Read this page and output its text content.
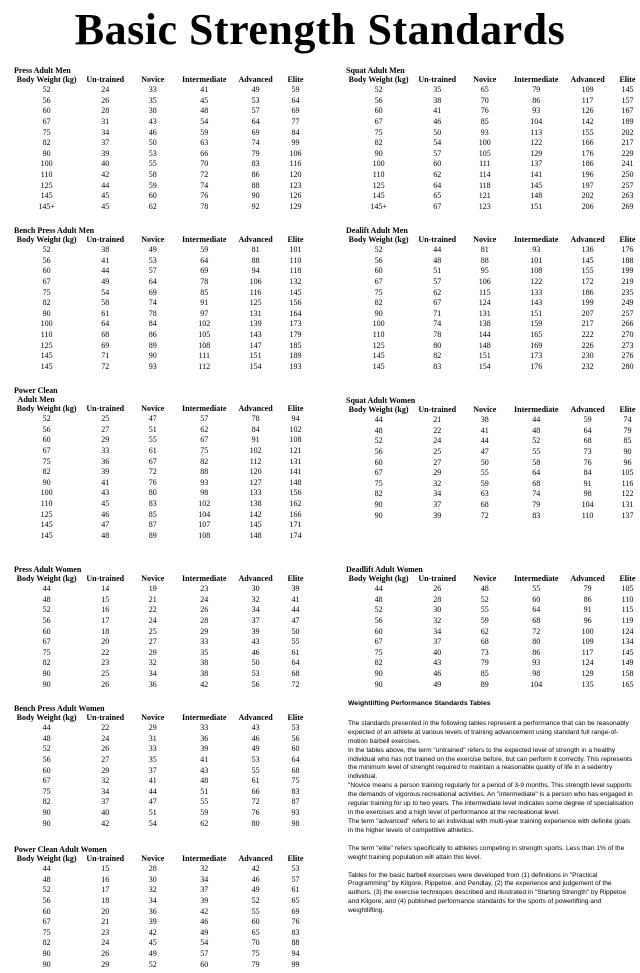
Basic Strength Standards
Press Adult Men
Body Weight (kg)	Un-trained	Novice	Intermediate	Advanced	Elite
52	24	33	41	49	59
56	26	35	45	53	64
60	28	38	48	57	69
67	31	43	54	64	77
75	34	46	59	69	84
82	37	50	63	74	99
90	39	53	66	79	106
100	40	55	70	83	116
110	42	58	72	86	120
125	44	59	74	88	123
145	45	60	76	90	126
145+	45	62	78	92	129
Squat Adult Men
Body Weight (kg)	Un-trained	Novice	Intermediate	Advanced	Elite
52	35	65	79	109	145
56	38	70	86	117	157
60	41	76	93	126	167
67	46	85	104	142	189
75	50	93	113	155	202
82	54	100	122	166	217
90	57	105	129	176	229
100	60	111	137	186	241
110	62	114	141	196	250
125	64	118	145	197	257
145	65	121	148	202	263
145+	67	123	151	206	269
Bench Press Adult Men
Body Weight (kg)	Un-trained	Novice	Intermediate	Advanced	Elite
52	38	49	59	81	101
56	41	53	64	88	110
60	44	57	69	94	118
67	49	64	78	106	132
75	54	69	85	116	145
82	58	74	91	125	156
90	61	78	97	131	164
100	64	84	102	139	173
110	68	86	105	143	179
125	69	89	108	147	185
145	71	90	111	151	189
145	72	93	112	154	193
Dealift Adult Men
Body Weight (kg)	Un-trained	Novice	Intermediate	Advanced	Elite
52	44	81	93	136	176
56	48	88	101	145	188
60	51	95	108	155	199
67	57	106	122	172	219
75	62	115	133	186	235
82	67	124	143	199	249
90	71	131	151	207	257
100	74	138	159	217	266
110	78	144	165	222	270
125	80	148	169	226	273
145	82	151	173	230	276
145	83	154	176	232	280
Power Clean
Adult Men
Body Weight (kg)	Un-trained	Novice	Intermediate	Advanced	Elite
52	25	47	57	78	94
56	27	51	62	84	102
60	29	55	67	91	108
67	33	61	75	102	121
75	36	67	82	112	131
82	39	72	88	120	141
90	41	76	93	127	148
100	43	80	98	133	156
110	45	83	102	138	162
125	46	85	104	142	166
145	47	87	107	145	171
145	48	89	108	148	174
Squat Adult Women
Body Weight (kg)	Un-trained	Novice	Intermediate	Advanced	Elite
44	21	38	44	59	74
48	22	41	48	64	79
52	24	44	52	68	85
56	25	47	55	73	90
60	27	50	58	76	96
67	29	55	64	84	105
75	32	59	68	91	116
82	34	63	74	98	122
90	37	68	79	104	131
90	39	72	83	110	137
Press Adult Women
Body Weight (kg)	Un-trained	Novice	Intermediate	Advanced	Elite
44	14	19	23	30	39
48	15	21	24	32	41
52	16	22	26	34	44
56	17	24	28	37	47
60	18	25	29	39	50
67	20	27	33	43	55
75	22	29	35	46	61
82	23	32	38	50	64
90	25	34	38	53	68
90	26	36	42	56	72
Deadlift Adult Women
Body Weight (kg)	Un-trained	Novice	Intermediate	Advanced	Elite
44	26	48	55	79	105
48	28	52	60	86	110
52	30	55	64	91	115
56	32	59	68	96	119
60	34	62	72	100	124
67	37	68	80	109	134
75	40	73	86	117	145
82	43	79	93	124	149
90	46	85	98	129	158
90	49	89	104	135	165
Bench Press Adult Women
Body Weight (kg)	Un-trained	Novice	Intermediate	Advanced	Elite
44	22	29	33	43	53
48	24	31	36	46	56
52	26	33	39	49	60
56	27	35	41	53	64
60	29	37	43	55	68
67	32	41	48	61	75
75	34	44	51	66	83
82	37	47	55	72	87
90	40	51	59	76	93
90	42	54	62	80	98
Power Clean Adult Women
Body Weight (kg)	Un-trained	Novice	Intermediate	Advanced	Elite
44	15	28	32	42	53
48	16	30	34	46	57
52	17	32	37	49	61
56	18	34	39	52	65
60	20	36	42	55	69
67	21	39	46	60	76
75	23	42	49	65	83
82	24	45	54	70	88
90	26	49	57	75	94
90	29	52	60	79	99
Weightlifting Performance Standards Tables

The standards presented in the following tables represent a performance that can be reasonably expected of an athlete at various levels of training advancement using standard full range-of-motion barbell exercises.

In the tables above, the term "untrained" refers to the expected level of strength in a healthy individual who has not trained on the exercise before, but can perform it correctly. This represents the minimum level of strenght required to maintain a reasonable quality of life in a sedentry individual.

"Novice means a person training regularly for a period of 3-9 months. This strength level supports the demands of vigorous recreational activities. An "intermediate" is a person who has engaged in regular training for up to two years. The intermediate level indicates some degree of specialisation in the exercises and a high level of performance at the recreational level.

The term "advanced" refers to an individual with multi-year training experience with definite goals in the higher levels of competitive athletics.

The term "elite" refers specifically to athletes competing in strength sports. Less than 1% of the weight training population will attain this level.

Tables for the basic barbell exercises were developed from (1) definitions in "Practical Programming" by Kilgore, Rippetoe, and Pendlay, (2) the experience and judgement of the authors, (3) the exercise techniques described and illustrated in "Starting Strength" by Rippetoe and Kilgore, and (4) published performance standards for the sports of powerlifting and weightlifting.
